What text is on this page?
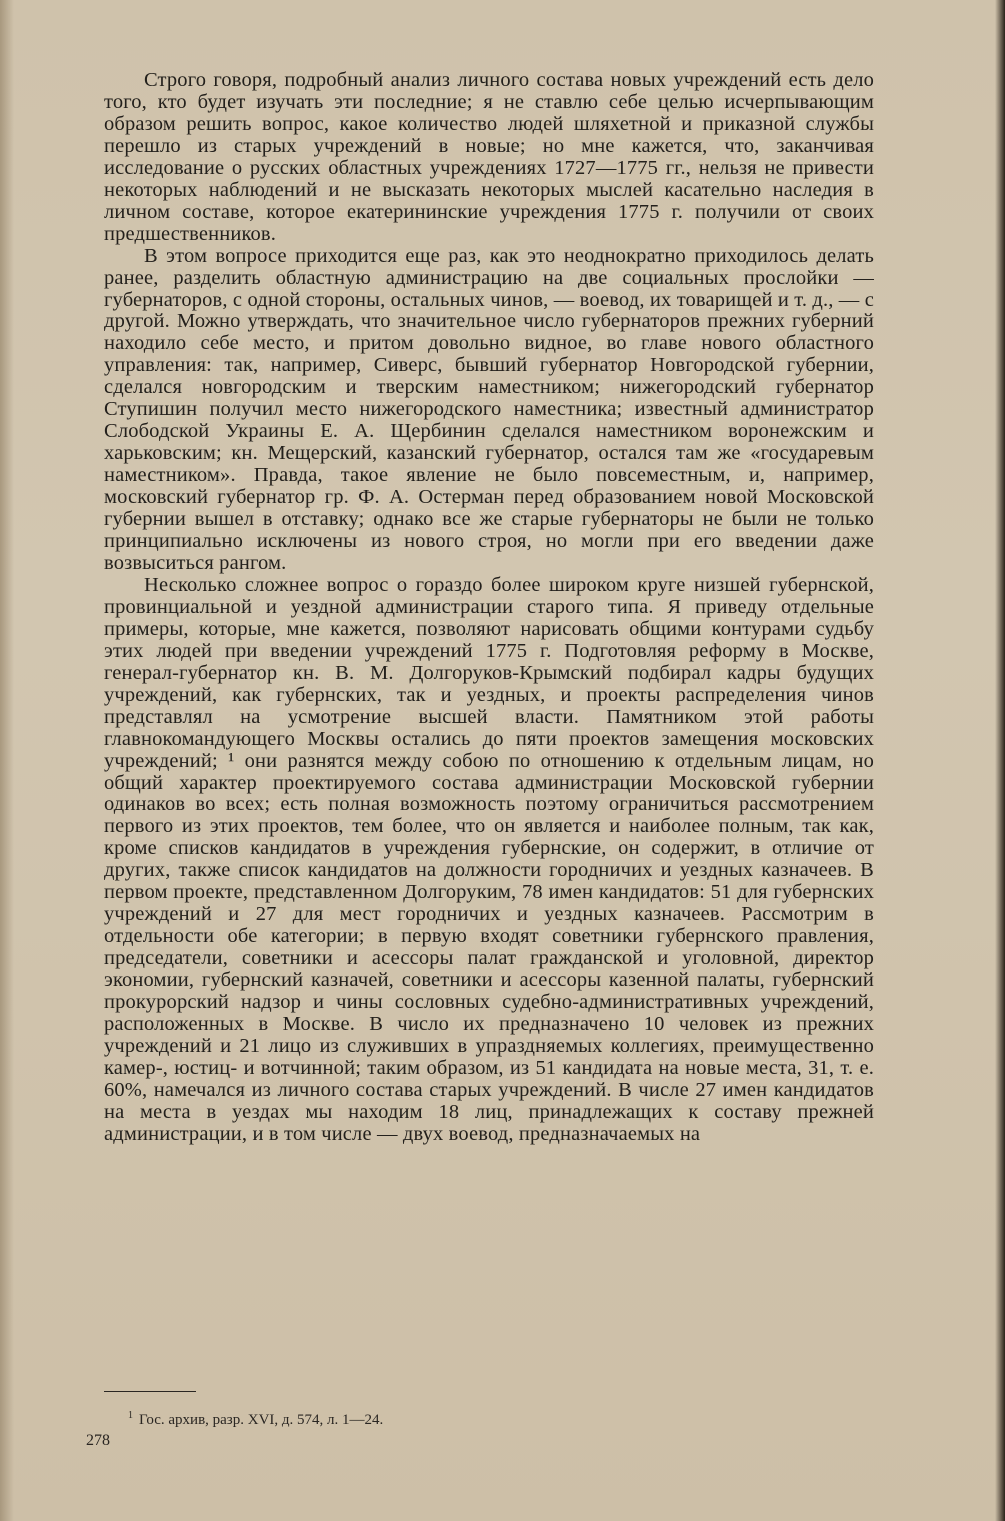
Строго говоря, подробный анализ личного состава новых учреждений есть дело того, кто будет изучать эти последние; я не ставлю себе целью исчерпывающим образом решить вопрос, какое количество людей шляхетной и приказной службы перешло из старых учреждений в новые; но мне кажется, что, заканчивая исследование о русских областных учреждениях 1727—1775 гг., нельзя не привести некоторых наблюдений и не высказать некоторых мыслей касательно наследия в личном составе, которое екатерининские учреждения 1775 г. получили от своих предшественников.

В этом вопросе приходится еще раз, как это неоднократно приходилось делать ранее, разделить областную администрацию на две социальных прослойки — губернаторов, с одной стороны, остальных чинов, — воевод, их товарищей и т. д., — с другой. Можно утверждать, что значительное число губернаторов прежних губерний находило себе место, и притом довольно видное, во главе нового областного управления: так, например, Сиверс, бывший губернатор Новгородской губернии, сделался новгородским и тверским наместником; нижегородский губернатор Ступишин получил место нижегородского наместника; известный администратор Слободской Украины Е. А. Щербинин сделался наместником воронежским и харьковским; кн. Мещерский, казанский губернатор, остался там же «государевым наместником». Правда, такое явление не было повсеместным, и, например, московский губернатор гр. Ф. А. Остерман перед образованием новой Московской губернии вышел в отставку; однако все же старые губернаторы не были не только принципиально исключены из нового строя, но могли при его введении даже возвыситься рангом.

Несколько сложнее вопрос о гораздо более широком круге низшей губернской, провинциальной и уездной администрации старого типа. Я приведу отдельные примеры, которые, мне кажется, позволяют нарисовать общими контурами судьбу этих людей при введении учреждений 1775 г. Подготовляя реформу в Москве, генерал-губернатор кн. В. М. Долгоруков-Крымский подбирал кадры будущих учреждений, как губернских, так и уездных, и проекты распределения чинов представлял на усмотрение высшей власти. Памятником этой работы главнокомандующего Москвы остались до пяти проектов замещения московских учреждений; ¹ они разнятся между собою по отношению к отдельным лицам, но общий характер проектируемого состава администрации Московской губернии одинаков во всех; есть полная возможность поэтому ограничиться рассмотрением первого из этих проектов, тем более, что он является и наиболее полным, так как, кроме списков кандидатов в учреждения губернские, он содержит, в отличие от других, также список кандидатов на должности городничих и уездных казначеев. В первом проекте, представленном Долгоруким, 78 имен кандидатов: 51 для губернских учреждений и 27 для мест городничих и уездных казначеев. Рассмотрим в отдельности обе категории; в первую входят советники губернского правления, председатели, советники и асессоры палат гражданской и уголовной, директор экономии, губернский казначей, советники и асессоры казенной палаты, губернский прокурорский надзор и чины сословных судебно-административных учреждений, расположенных в Москве. В число их предназначено 10 человек из прежних учреждений и 21 лицо из служивших в упраздняемых коллегиях, преимущественно камер-, юстиц- и вотчинной; таким образом, из 51 кандидата на новые места, 31, т. е. 60%, намечался из личного состава старых учреждений. В числе 27 имен кандидатов на места в уездах мы находим 18 лиц, принадлежащих к составу прежней администрации, и в том числе — двух воевод, предназначаемых на

$^1$ Гос. архив, разр. XVI, д. 574, л. 1—24.
278
